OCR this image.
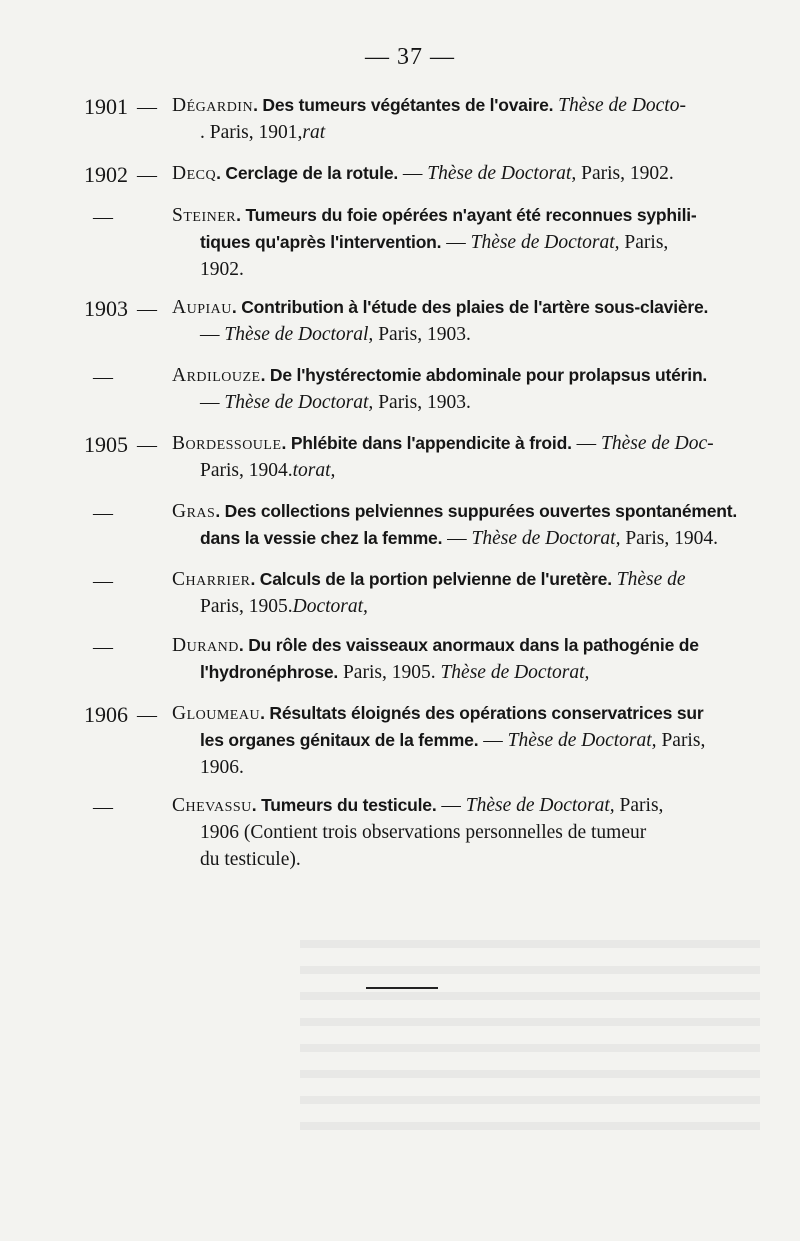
— 37 —
1901 — Dégardin. Des tumeurs végétantes de l'ovaire. Thèse de Docto-
. Paris, 1901,rat
1902 — Decq. Cerclage de la rotule. — Thèse de Doctorat, Paris, 1902.
—	Steiner. Tumeurs du foie opérées n'ayant été reconnues syphili-
tiques qu'après l'intervention. — Thèse de Doctorat, Paris,
1902.
1903 — Aupiau. Contribution à l'étude des plaies de l'artère sous-clavière.
— Thèse de Doctoral, Paris, 1903.
—	Ardilouze. De l'hystérectomie abdominale pour prolapsus utérin.
— Thèse de Doctorat, Paris, 1903.
1905 — Bordessoule. Phlébite dans l'appendicite à froid. — Thèse de Doc-
Paris, 1904.torat,
—	Gras. Des collections pelviennes suppurées ouvertes spontanément.
dans la vessie chez la femme. — Thèse de Doctorat, Paris, 1904.
—	Charrier. Calculs de la portion pelvienne de l'uretère. Thèse de
Paris, 1905.Doctorat,
—	Durand. Du rôle des vaisseaux anormaux dans la pathogénie de
l'hydronéphrose. Paris, 1905. Thèse de Doctorat,
1906 — Gloumeau. Résultats éloignés des opérations conservatrices sur
les organes génitaux de la femme. — Thèse de Doctorat, Paris,
1906.
—	Chevassu. Tumeurs du testicule. — Thèse de Doctorat, Paris,
1906 (Contient trois observations personnelles de tumeur
du testicule).
